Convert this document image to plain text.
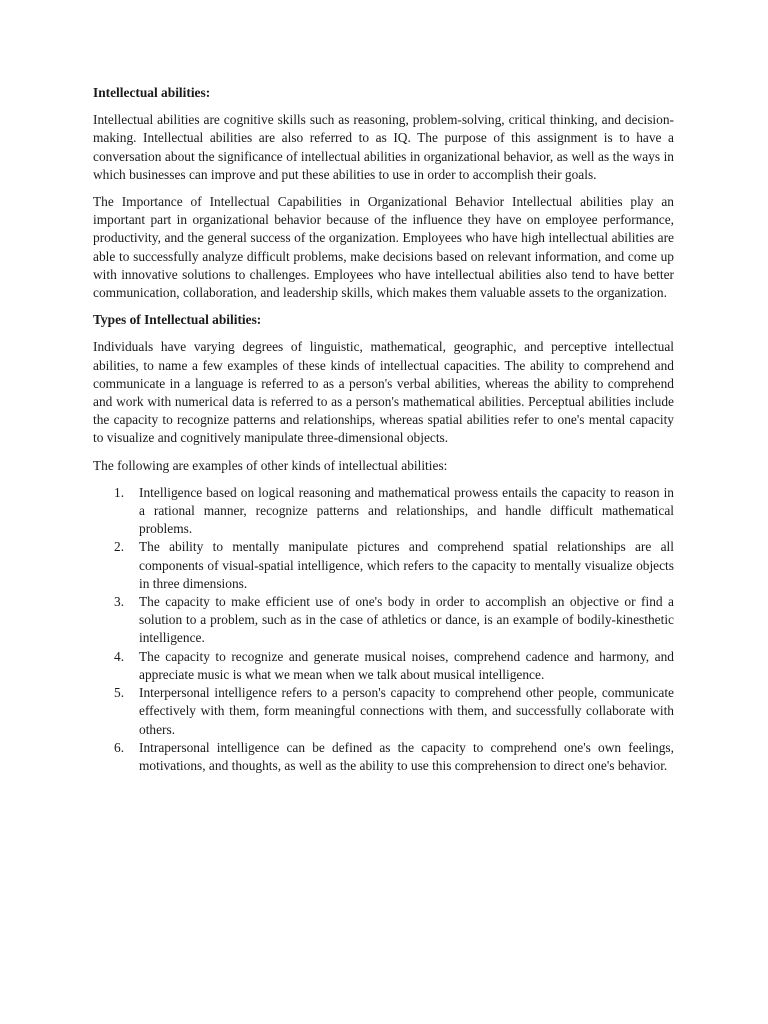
Intellectual abilities:

Intellectual abilities are cognitive skills such as reasoning, problem-solving, critical thinking, and decision-making. Intellectual abilities are also referred to as IQ. The purpose of this assignment is to have a conversation about the significance of intellectual abilities in organizational behavior, as well as the ways in which businesses can improve and put these abilities to use in order to accomplish their goals.

The Importance of Intellectual Capabilities in Organizational Behavior Intellectual abilities play an important part in organizational behavior because of the influence they have on employee performance, productivity, and the general success of the organization. Employees who have high intellectual abilities are able to successfully analyze difficult problems, make decisions based on relevant information, and come up with innovative solutions to challenges. Employees who have intellectual abilities also tend to have better communication, collaboration, and leadership skills, which makes them valuable assets to the organization.

Types of Intellectual abilities:

Individuals have varying degrees of linguistic, mathematical, geographic, and perceptive intellectual abilities, to name a few examples of these kinds of intellectual capacities. The ability to comprehend and communicate in a language is referred to as a person's verbal abilities, whereas the ability to comprehend and work with numerical data is referred to as a person's mathematical abilities. Perceptual abilities include the capacity to recognize patterns and relationships, whereas spatial abilities refer to one's mental capacity to visualize and cognitively manipulate three-dimensional objects.

The following are examples of other kinds of intellectual abilities:

1. Intelligence based on logical reasoning and mathematical prowess entails the capacity to reason in a rational manner, recognize patterns and relationships, and handle difficult mathematical problems.
2. The ability to mentally manipulate pictures and comprehend spatial relationships are all components of visual-spatial intelligence, which refers to the capacity to mentally visualize objects in three dimensions.
3. The capacity to make efficient use of one's body in order to accomplish an objective or find a solution to a problem, such as in the case of athletics or dance, is an example of bodily-kinesthetic intelligence.
4. The capacity to recognize and generate musical noises, comprehend cadence and harmony, and appreciate music is what we mean when we talk about musical intelligence.
5. Interpersonal intelligence refers to a person's capacity to comprehend other people, communicate effectively with them, form meaningful connections with them, and successfully collaborate with others.
6. Intrapersonal intelligence can be defined as the capacity to comprehend one's own feelings, motivations, and thoughts, as well as the ability to use this comprehension to direct one's behavior.
